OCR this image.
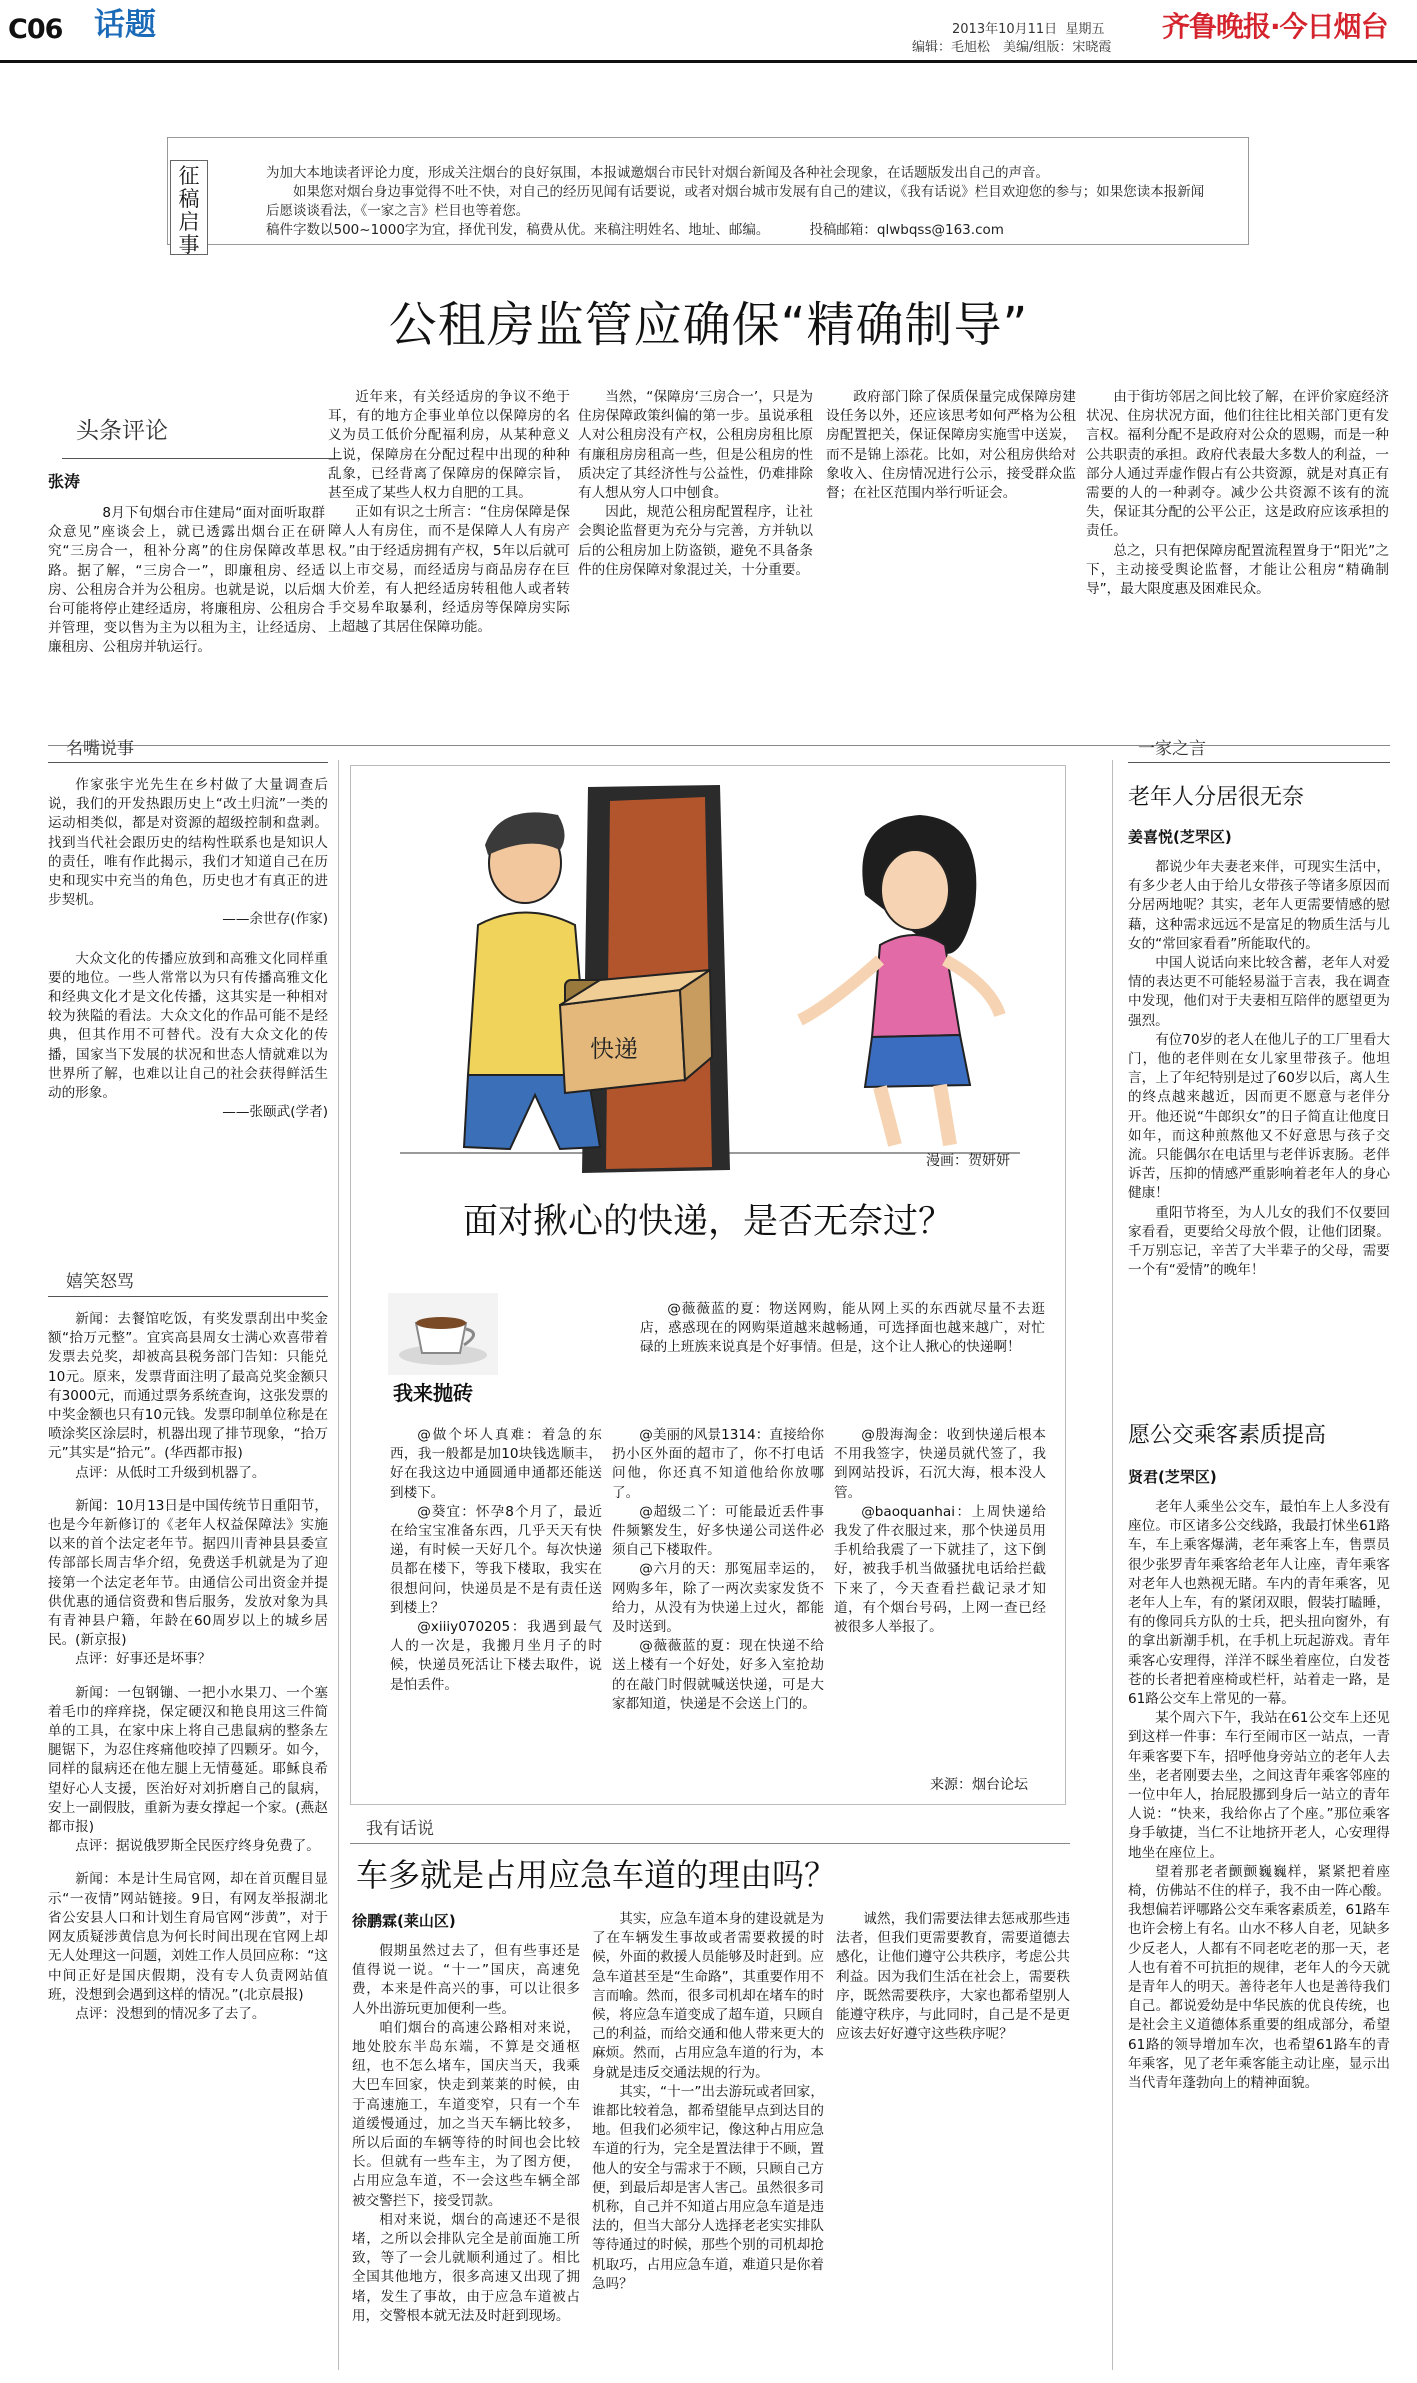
C06 话题	2013年10月11日 星期五
编辑：毛旭松　美编/组版：宋晓霞
齐鲁晚报·今日烟台
征稿启事
为加大本地读者评论力度，形成关注烟台的良好氛围，本报诚邀烟台市民针对烟台新闻及各种社会现象，在话题版发出自己的声音。
如果您对烟台身边事觉得不吐不快，对自己的经历见闻有话要说，或者对烟台城市发展有自己的建议，《我有话说》栏目欢迎您的参与；如果您读本报新闻后愿谈谈看法，《一家之言》栏目也等着您。
稿件字数以500~1000字为宜，择优刊发，稿费从优。来稿注明姓名、地址、邮编。	投稿邮箱：qlwbqss@163.com
公租房监管应确保“精确制导”
头条评论
张涛

8月下旬烟台市住建局“面对面听取群众意见”座谈会上，就已透露出烟台正在研究“三房合一，租补分离”的住房保障改革思路。据了解，“三房合一”，即廉租房、经适房、公租房合并为公租房。也就是说，以后烟台可能将停止建经适房，将廉租房、公租房合并管理，变以售为主为以租为主，让经适房、廉租房、公租房并轨运行。

近年来，有关经适房的争议不绝于耳，有的地方企事业单位以保障房的名义为员工低价分配福利房，从某种意义上说，保障房在分配过程中出现的种种乱象，已经背离了保障房的保障宗旨，甚至成了某些人权力自肥的工具。

正如有识之士所言：“住房保障是保障人人有房住，而不是保障人人有房产权。”由于经适房拥有产权，5年以后就可以上市交易，而经适房与商品房存在巨大价差，有人把经适房转租他人或者转手交易牟取暴利，经适房等保障房实际上超越了其居住保障功能。

当然，“保障房‘三房合一’，只是为住房保障政策纠偏的第一步。虽说承租人对公租房没有产权，公租房房租比原有廉租房房租高一些，但是公租房的性质决定了其经济性与公益性，仍难排除有人想从穷人口中刨食。

因此，规范公租房配置程序，让社会舆论监督更为充分与完善，方并轨以后的公租房加上防盗锁，避免不具备条件的住房保障对象混过关，十分重要。

政府部门除了保质保量完成保障房建设任务以外，还应该思考如何严格为公租房配置把关，保证保障房实施雪中送炭，而不是锦上添花。比如，对公租房供给对象收入、住房情况进行公示，接受群众监督；在社区范围内举行听证会。

由于街坊邻居之间比较了解，在评价家庭经济状况、住房状况方面，他们往往比相关部门更有发言权。福利分配不是政府对公众的恩赐，而是一种公共职责的承担。政府代表最大多数人的利益，一部分人通过弄虚作假占有公共资源，就是对真正有需要的人的一种剥夺。减少公共资源不该有的流失，保证其分配的公平公正，这是政府应该承担的责任。

总之，只有把保障房配置流程置身于“阳光”之下，主动接受舆论监督，才能让公租房“精确制导”，最大限度惠及困难民众。

名嘴说事

作家张宇光先生在乡村做了大量调查后说，我们的开发热跟历史上“改土归流”一类的运动相类似，都是对资源的超级控制和盘剥。找到当代社会跟历史的结构性联系也是知识人的责任，唯有作此揭示，我们才知道自己在历史和现实中充当的角色，历史也才有真正的进步契机。

——余世存(作家)

大众文化的传播应放到和高雅文化同样重要的地位。一些人常常以为只有传播高雅文化和经典文化才是文化传播，这其实是一种相对较为狭隘的看法。大众文化的作品可能不是经典，但其作用不可替代。没有大众文化的传播，国家当下发展的状况和世态人情就难以为世界所了解，也难以让自己的社会获得鲜活生动的形象。

——张颐武(学者)

嬉笑怒骂

新闻：去餐馆吃饭，有奖发票刮出中奖金额“拾万元整”。宜宾高县周女士满心欢喜带着发票去兑奖，却被高县税务部门告知：只能兑10元。原来，发票背面注明了最高兑奖金额只有3000元，而通过票务系统查询，这张发票的中奖金额也只有10元钱。发票印制单位称是在喷涂奖区涂层时，机器出现了排节现象，“拾万元”其实是“拾元”。(华西都市报)

点评：从低时工升级到机器了。

新闻：10月13日是中国传统节日重阳节，也是今年新修订的《老年人权益保障法》实施以来的首个法定老年节。据四川青神县县委宣传部部长周吉华介绍，免费送手机就是为了迎接第一个法定老年节。由通信公司出资金并提供优惠的通信资费和售后服务，发放对象为具有青神县户籍，年龄在60周岁以上的城乡居民。(新京报)

点评：好事还是坏事？

新闻：一包钢镚、一把小水果刀、一个塞着毛巾的痒痒挠，保定硬汉和艳良用这三件简单的工具，在家中床上将自己患鼠病的整条左腿锯下，为忍住疼痛他咬掉了四颗牙。如今，同样的鼠病还在他左腿上无情蔓延。耶稣良希望好心人支援，医治好对刘折磨自己的鼠病，安上一副假肢，重新为妻女撑起一个家。(燕赵都市报)

点评：据说俄罗斯全民医疗终身免费了。

新闻：本是计生局官网，却在首页醒目显示“一夜情”网站链接。9日，有网友举报湖北省公安县人口和计划生育局官网“涉黄”，对于网友质疑涉黄信息为何长时间出现在官网上却无人处理这一问题，刘姓工作人员回应称：“这中间正好是国庆假期，没有专人负责网站值班，没想到会遇到这样的情况。”(北京晨报)

点评：没想到的情况多了去了。

一家之言
老年人分居很无奈
姜喜悦(芝罘区)

都说少年夫妻老来伴，可现实生活中，有多少老人由于给儿女带孩子等诸多原因而分居两地呢？其实，老年人更需要情感的慰藉，这种需求远远不是富足的物质生活与儿女的“常回家看看”所能取代的。

中国人说话向来比较含蓄，老年人对爱情的表达更不可能轻易溢于言表，我在调查中发现，他们对于夫妻相互陪伴的愿望更为强烈。

有位70岁的老人在他儿子的工厂里看大门，他的老伴则在女儿家里带孩子。他坦言，上了年纪特别是过了60岁以后，离人生的终点越来越近，因而更不愿意与老伴分开。他还说“牛郎织女”的日子简直让他度日如年，而这种煎熬他又不好意思与孩子交流。只能偶尔在电话里与老伴诉衷肠。老伴诉苦，压抑的情感严重影响着老年人的身心健康！

重阳节将至，为人儿女的我们不仅要回家看看，更要给父母放个假，让他们团聚。千万别忘记，辛苦了大半辈子的父母，需要一个有“爱情”的晚年！

愿公交乘客素质提高
贤君(芝罘区)

老年人乘坐公交车，最怕车上人多没有座位。市区诸多公交线路，我最打怵坐61路车，车上乘客爆满，老年乘客上车，售票员很少张罗青年乘客给老年人让座，青年乘客对老年人也熟视无睹。车内的青年乘客，见老年人上车，有的紧闭双眼，假装打瞌睡，有的像同兵方队的士兵，把头扭向窗外，有的拿出新潮手机，在手机上玩起游戏。青年乘客心安理得，洋洋不睬坐着座位，白发苍苍的长者把着座椅或栏杆，站着走一路，是61路公交车上常见的一幕。

某个周六下午，我站在61公交车上还见到这样一件事：车行至闹市区一站点，一青年乘客要下车，招呼他身旁站立的老年人去坐，老者刚要去坐，之间这青年乘客邻座的一位中年人，抬屁股挪到身后一站立的青年人说：“快来，我给你占了个座。”那位乘客身手敏捷，当仁不让地挤开老人，心安理得地坐在座位上。

望着那老者颤颤巍巍样，紧紧把着座椅，仿佛站不住的样子，我不由一阵心酸。我想偏若评哪路公交车乘客素质差，61路车也许会榜上有名。山水不移人自老，见缺多少反老人，人都有不同老吃老的那一天，老人也有着不可抗拒的规律，老年人的今天就是青年人的明天。善待老年人也是善待我们自己。都说爱幼是中华民族的优良传统，也是社会主义道德体系重要的组成部分，希望61路的领导增加车次，也希望61路车的青年乘客，见了老年乘客能主动让座，显示出当代青年蓬勃向上的精神面貌。

快递
漫画：贺妍妍
面对揪心的快递，是否无奈过？
我来抛砖

@薇薇蓝的夏：物送网购，能从网上买的东西就尽量不去逛店，惑惑现在的网购渠道越来越畅通，可选择面也越来越广，对忙碌的上班族来说真是个好事情。但是，这个让人揪心的快递啊！

@做个坏人真难：着急的东西，我一般都是加10块钱选顺丰，好在我这边中通圆通申通都还能送到楼下。

@葵宜：怀孕8个月了，最近在给宝宝准备东西，几乎天天有快递，有时候一天好几个。每次快递员都在楼下，等我下楼取，我实在很想问问，快递员是不是有责任送到楼上？

@xiiiy070205：我遇到最气人的一次是，我搬月坐月子的时候，快递员死活让下楼去取件，说是怕丢件。

@美丽的风景1314：直接给你扔小区外面的超市了，你不打电话问他，你还真不知道他给你放哪了。

@超级二丫：可能最近丢件事件频繁发生，好多快递公司送件必须自己下楼取件。

@六月的天：那冤屈幸运的，网购多年，除了一两次卖家发货不给力，从没有为快递上过火，都能及时送到。

@薇薇蓝的夏：现在快递不给送上楼有一个好处，好多入室抢劫的在敲门时假就喊送快递，可是大家都知道，快递是不会送上门的。

@殷海淘金：收到快递后根本不用我签字，快递员就代签了，我到网站投诉，石沉大海，根本没人管。

@baoquanhai：上周快递给我发了件衣服过来，那个快递员用手机给我震了一下就挂了，这下倒好，被我手机当做骚扰电话给拦截下来了，今天查看拦截记录才知道，有个烟台号码，上网一查已经被很多人举报了。

来源：烟台论坛
我有话说
车多就是占用应急车道的理由吗？
徐鹏霖(莱山区)

假期虽然过去了，但有些事还是值得说一说。“十一”国庆，高速免费，本来是件高兴的事，可以让很多人外出游玩更加便利一些。

咱们烟台的高速公路相对来说，地处胶东半岛东端，不算是交通枢纽，也不怎么堵车，国庆当天，我乘大巴车回家，快走到莱莱的时候，由于高速施工，车道变窄，只有一个车道缓慢通过，加之当天车辆比较多，所以后面的车辆等待的时间也会比较长。但就有一些车主，为了图方便，占用应急车道，不一会这些车辆全部被交警拦下，接受罚款。

相对来说，烟台的高速还不是很堵，之所以会排队完全是前面施工所致，等了一会儿就顺利通过了。相比全国其他地方，很多高速又出现了拥堵，发生了事故，由于应急车道被占用，交警根本就无法及时赶到现场。

其实，应急车道本身的建设就是为了在车辆发生事故或者需要救援的时候，外面的救援人员能够及时赶到。应急车道甚至是“生命路”，其重要作用不言而喻。然而，很多司机却在堵车的时候，将应急车道变成了超车道，只顾自己的利益，而给交通和他人带来更大的麻烦。然而，占用应急车道的行为，本身就是违反交通法规的行为。

其实，“十一”出去游玩或者回家，谁都比较着急，都希望能早点到达目的地。但我们必须牢记，像这种占用应急车道的行为，完全是置法律于不顾，置他人的安全与需求于不顾，只顾自己方便，到最后却是害人害己。虽然很多司机称，自己并不知道占用应急车道是违法的，但当大部分人选择老老实实排队等待通过的时候，那些个别的司机却抢机取巧，占用应急车道，难道只是你着急吗？

诚然，我们需要法律去惩戒那些违法者，但我们更需要教育，需要道德去感化，让他们遵守公共秩序，考虑公共利益。因为我们生活在社会上，需要秩序，既然需要秩序，大家也都希望别人能遵守秩序，与此同时，自己是不是更应该去好好遵守这些秩序呢？
